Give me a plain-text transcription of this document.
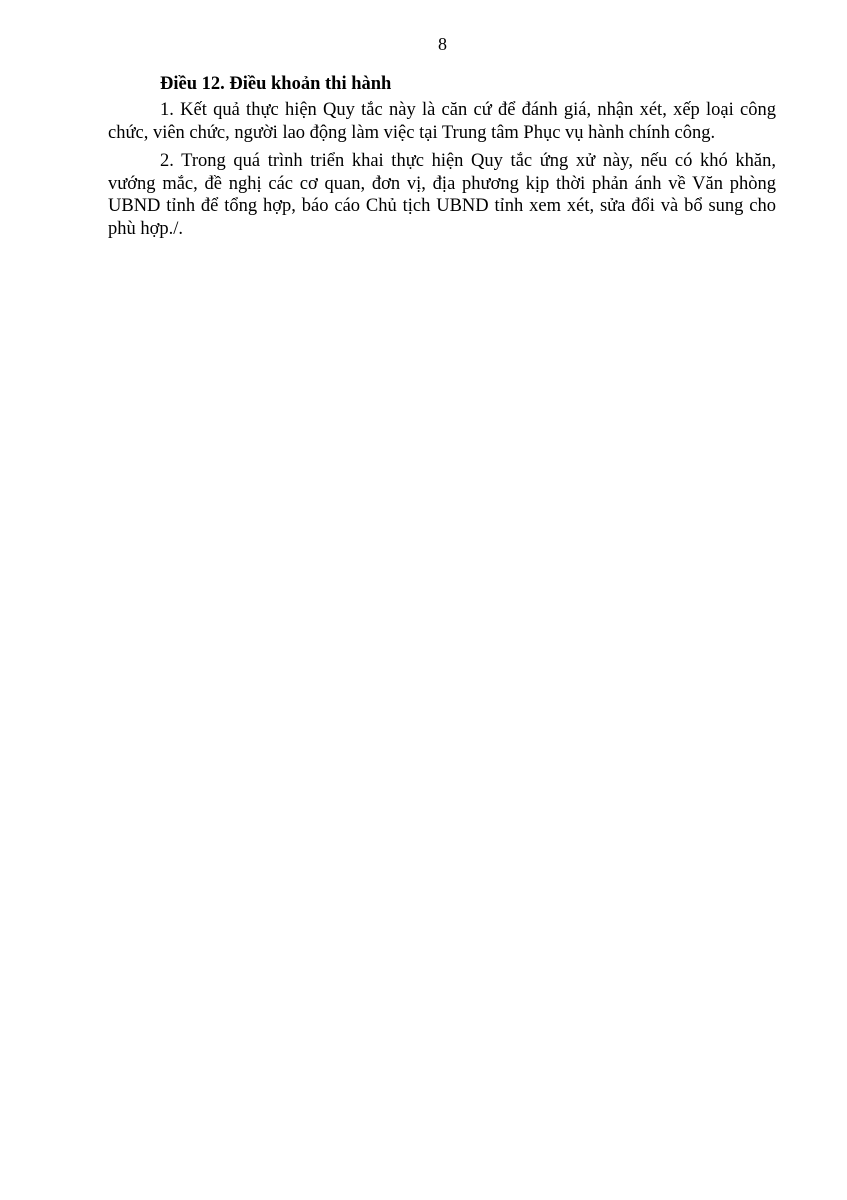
8

Điều 12. Điều khoản thi hành

1. Kết quả thực hiện Quy tắc này là căn cứ để đánh giá, nhận xét, xếp loại công chức, viên chức, người lao động làm việc tại Trung tâm Phục vụ hành chính công.

2. Trong quá trình triển khai thực hiện Quy tắc ứng xử này, nếu có khó khăn, vướng mắc, đề nghị các cơ quan, đơn vị, địa phương kịp thời phản ánh về Văn phòng UBND tỉnh để tổng hợp, báo cáo Chủ tịch UBND tỉnh xem xét, sửa đổi và bổ sung cho phù hợp./.
